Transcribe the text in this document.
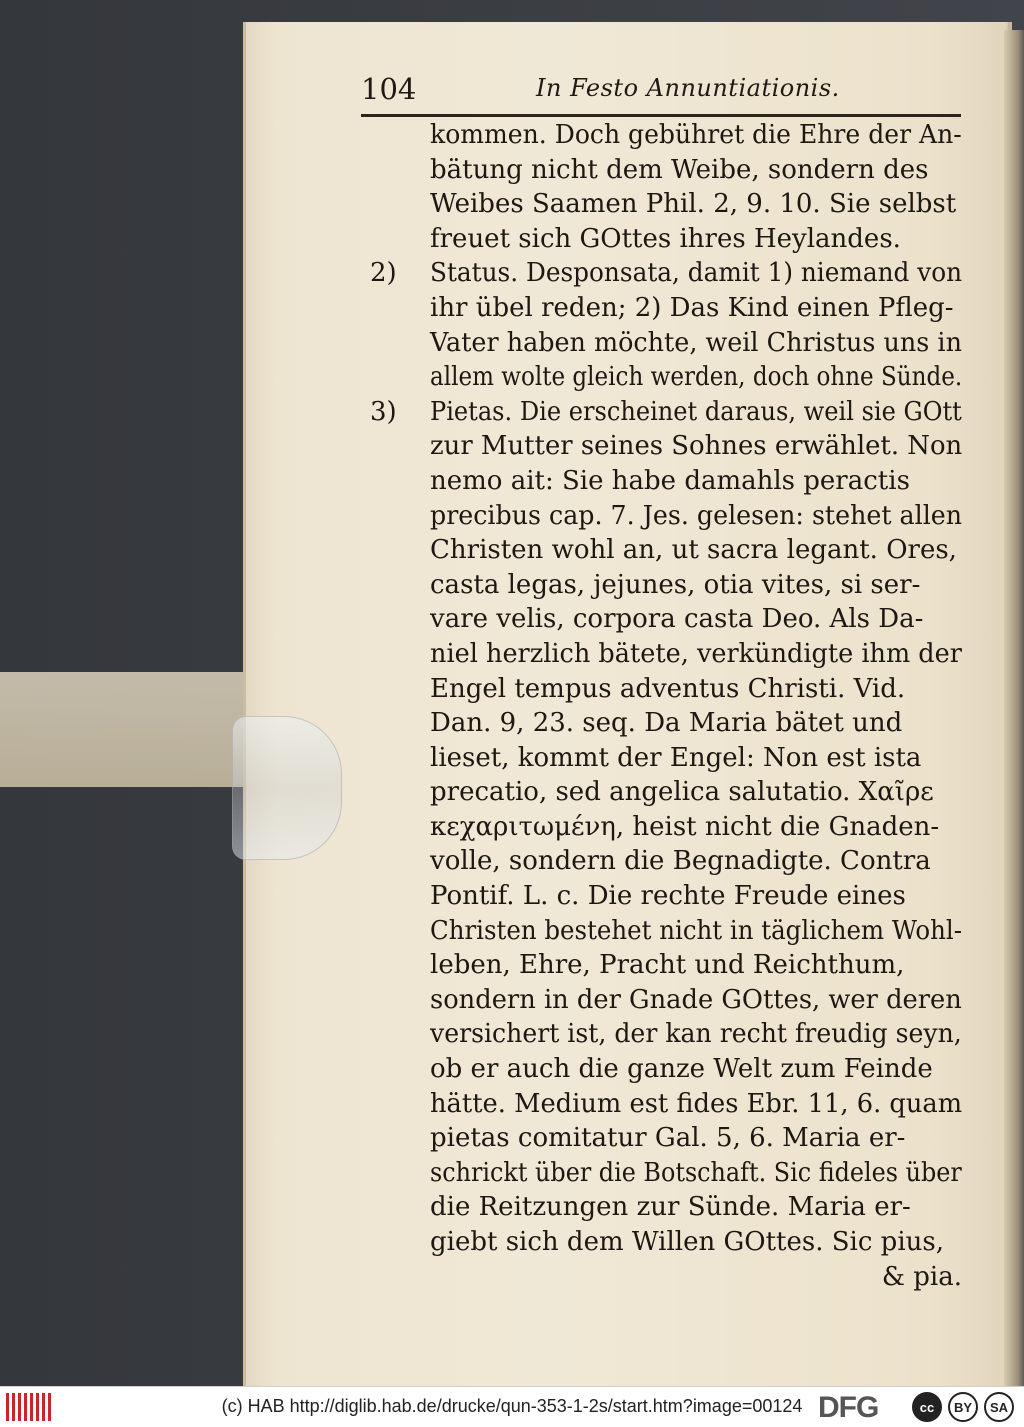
104	In Festo Annuntiationis.
kommen. Doch gebühret die Ehre der An-
bätung nicht dem Weibe, sondern des
Weibes Saamen Phil. 2, 9. 10. Sie selbst
freuet sich GOttes ihres Heylandes.
2) Status. Desponsata, damit 1) niemand von
ihr übel reden; 2) Das Kind einen Pfleg-
Vater haben möchte, weil Christus uns in
allem wolte gleich werden, doch ohne Sünde.
3) Pietas. Die erscheinet daraus, weil sie GOtt
zur Mutter seines Sohnes erwählet. Non
nemo ait: Sie habe damahls peractis
precibus cap. 7. Jes. gelesen: stehet allen
Christen wohl an, ut sacra legant. Ores,
casta legas, jejunes, otia vites, si ser-
vare velis, corpora casta Deo. Als Da-
niel herzlich bätete, verkündigte ihm der
Engel tempus adventus Christi. Vid.
Dan. 9, 23. seq. Da Maria bätet und
lieset, kommt der Engel: Non est ista
precatio, sed angelica salutatio. Χαῖρε
κεχαριτωμένη, heist nicht die Gnaden-
volle, sondern die Begnadigte. Contra
Pontif. L. c. Die rechte Freude eines
Christen bestehet nicht in täglichem Wohl-
leben, Ehre, Pracht und Reichthum,
sondern in der Gnade GOttes, wer deren
versichert ist, der kan recht freudig seyn,
ob er auch die ganze Welt zum Feinde
hätte. Medium est fides Ebr. 11, 6. quam
pietas comitatur Gal. 5, 6. Maria er-
schrickt über die Botschaft. Sic fideles über
die Reitzungen zur Sünde. Maria er-
giebt sich dem Willen GOttes. Sic pius,
& pia.
(c) HAB http://diglib.hab.de/drucke/qun-353-1-2s/start.htm?image=00124 DFG	cc	BY	SA
